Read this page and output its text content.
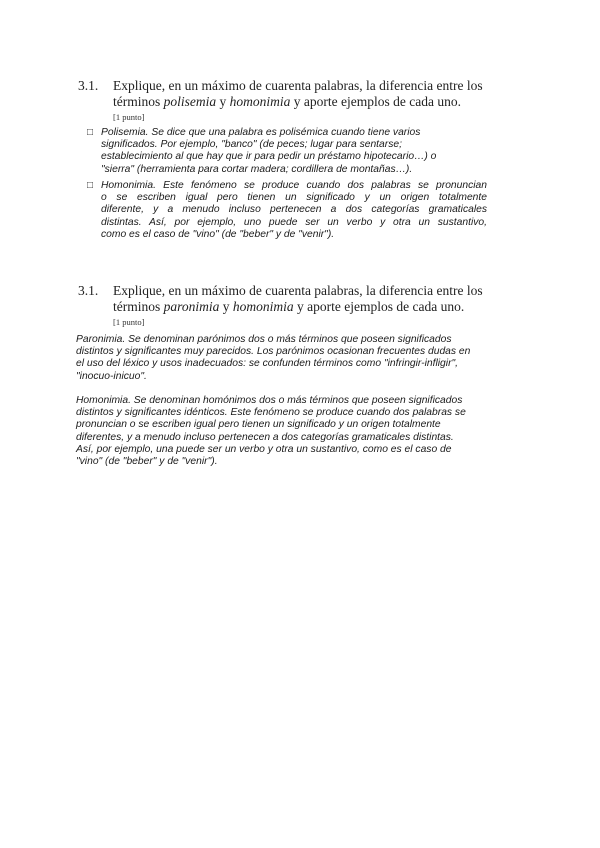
3.1. Explique, en un máximo de cuarenta palabras, la diferencia entre los términos polisemia y homonimia y aporte ejemplos de cada uno.
[1 punto]
□ Polisemia. Se dice que una palabra es polisémica cuando tiene varios
significados. Por ejemplo, "banco" (de peces; lugar para sentarse;
establecimiento al que hay que ir para pedir un préstamo hipotecario…) o
"sierra" (herramienta para cortar madera; cordillera de montañas…).
□ Homonimia. Este fenómeno se produce cuando dos palabras se pronuncian
o se escriben igual pero tienen un significado y un origen totalmente
diferente, y a menudo incluso pertenecen a dos categorías gramaticales
distintas. Así, por ejemplo, uno puede ser un verbo y otra un sustantivo,
como es el caso de "vino" (de "beber" y de "venir").
3.1. Explique, en un máximo de cuarenta palabras, la diferencia entre los términos paronimia y homonimia y aporte ejemplos de cada uno.
[1 punto]
Paronimia. Se denominan parónimos dos o más términos que poseen significados
distintos y significantes muy parecidos. Los parónimos ocasionan frecuentes dudas en
el uso del léxico y usos inadecuados: se confunden términos como "infringir-infligir",
"inocuo-inicuo".
Homonimia. Se denominan homónimos dos o más términos que poseen significados
distintos y significantes idénticos. Este fenómeno se produce cuando dos palabras se
pronuncian o se escriben igual pero tienen un significado y un origen totalmente
diferentes, y a menudo incluso pertenecen a dos categorías gramaticales distintas.
Así, por ejemplo, una puede ser un verbo y otra un sustantivo, como es el caso de
"vino" (de "beber" y de "venir").
